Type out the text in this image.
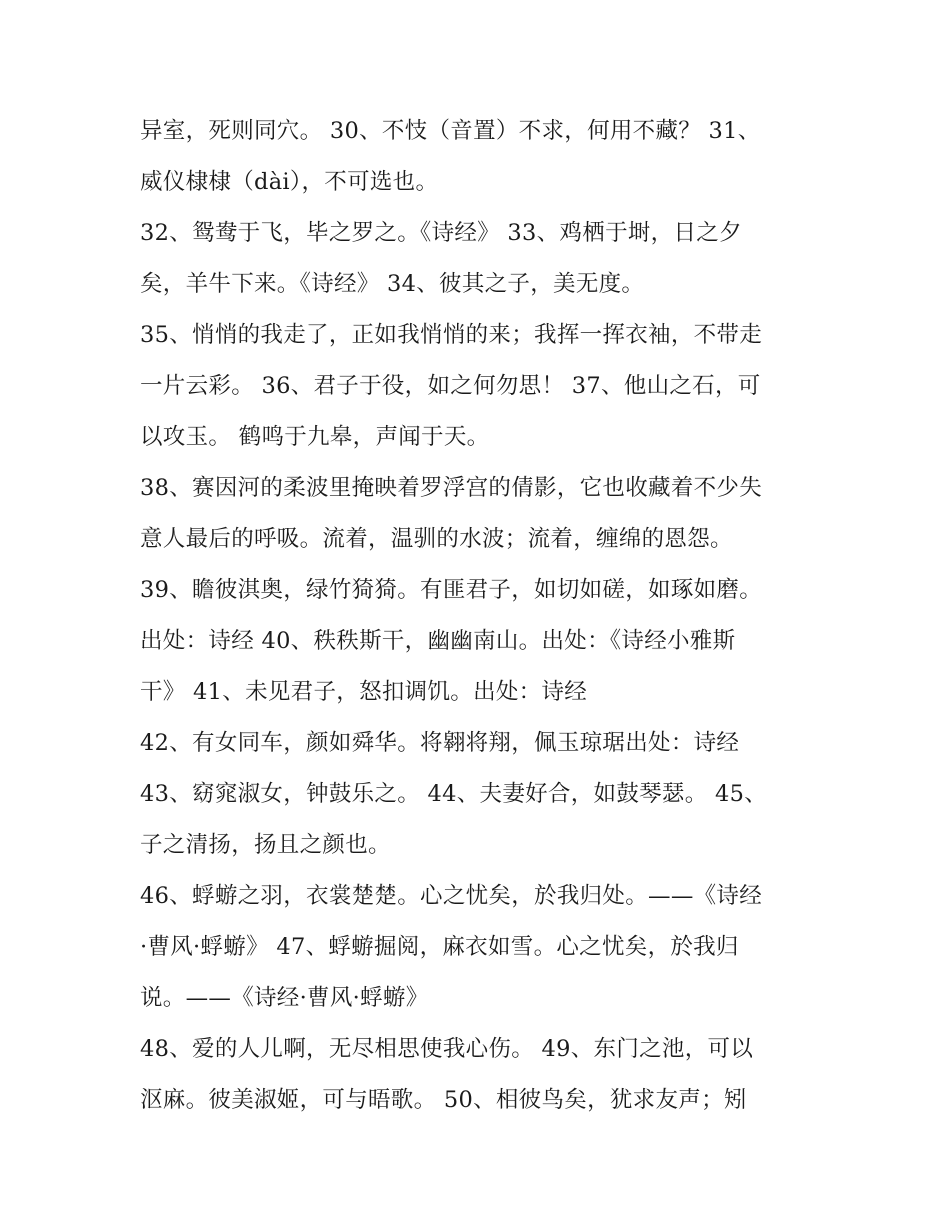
异室，死则同穴。 30、不忮（音置）不求，何用不藏？ 31、
威仪棣棣（dài），不可选也。
32、鸳鸯于飞，毕之罗之。《诗经》 33、鸡栖于埘，日之夕
矣，羊牛下来。《诗经》 34、彼其之子，美无度。
35、悄悄的我走了，正如我悄悄的来；我挥一挥衣袖，不带走
一片云彩。 36、君子于役，如之何勿思！ 37、他山之石，可
以攻玉。 鹤鸣于九皋，声闻于天。
38、赛因河的柔波里掩映着罗浮宫的倩影，它也收藏着不少失
意人最后的呼吸。流着，温驯的水波；流着，缠绵的恩怨。
39、瞻彼淇奥，绿竹猗猗。有匪君子，如切如磋，如琢如磨。
出处：诗经 40、秩秩斯干，幽幽南山。出处：《诗经小雅斯
干》 41、未见君子，怒扣调饥。出处：诗经
42、有女同车，颜如舜华。将翱将翔，佩玉琼琚出处：诗经
43、窈窕淑女，钟鼓乐之。 44、夫妻好合，如鼓琴瑟。 45、
子之清扬，扬且之颜也。
46、蜉蝣之羽，衣裳楚楚。心之忧矣，於我归处。——《诗经
·曹风·蜉蝣》 47、蜉蝣掘阅，麻衣如雪。心之忧矣，於我归
说。——《诗经·曹风·蜉蝣》
48、爱的人儿啊，无尽相思使我心伤。 49、东门之池，可以
沤麻。彼美淑姬，可与晤歌。 50、相彼鸟矣，犹求友声；矧
